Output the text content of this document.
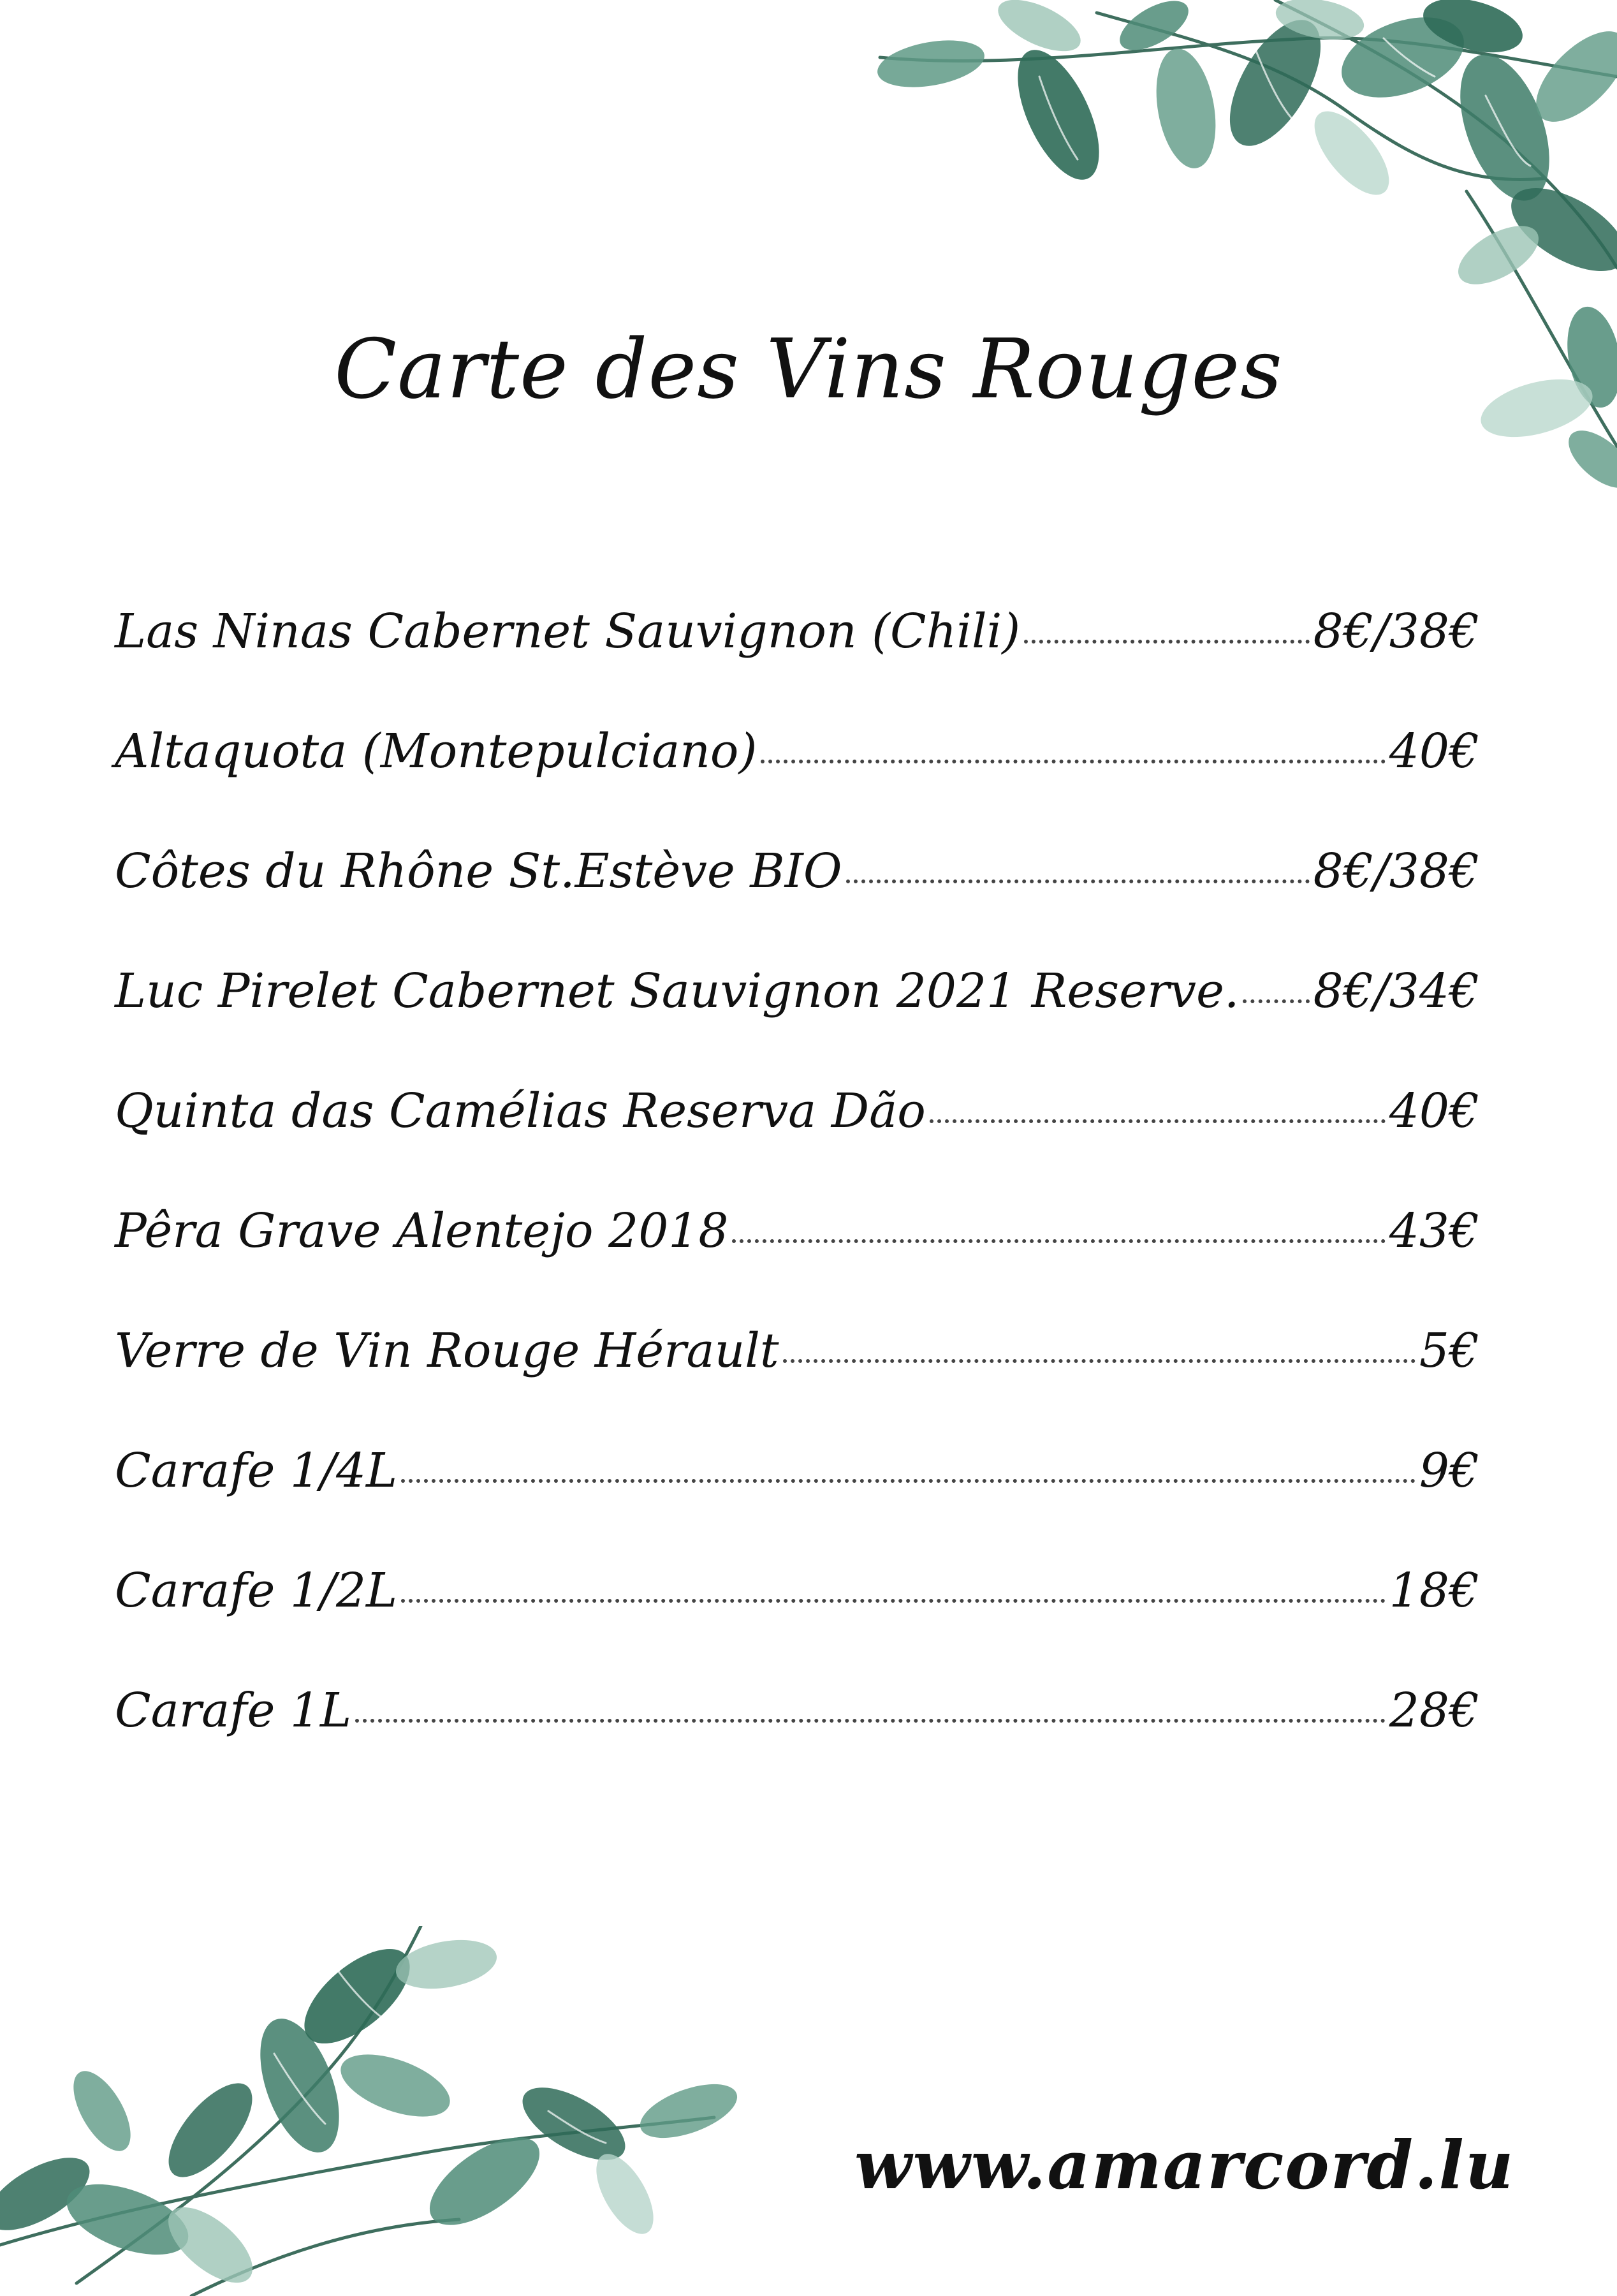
Carte des Vins Rouges
Las Ninas Cabernet Sauvignon (Chili)	8€/38€
Altaquota (Montepulciano)	40€
Côtes du Rhône St.Estève BIO	8€/38€
Luc Pirelet Cabernet Sauvignon 2021 Reserve. 8€/34€
Quinta das Camélias Reserva Dão	40€
Pêra Grave Alentejo 2018	43€
Verre de Vin Rouge Hérault	5€
Carafe 1/4L	9€
Carafe 1/2L	18€
Carafe 1L	28€
www.amarcord.lu
